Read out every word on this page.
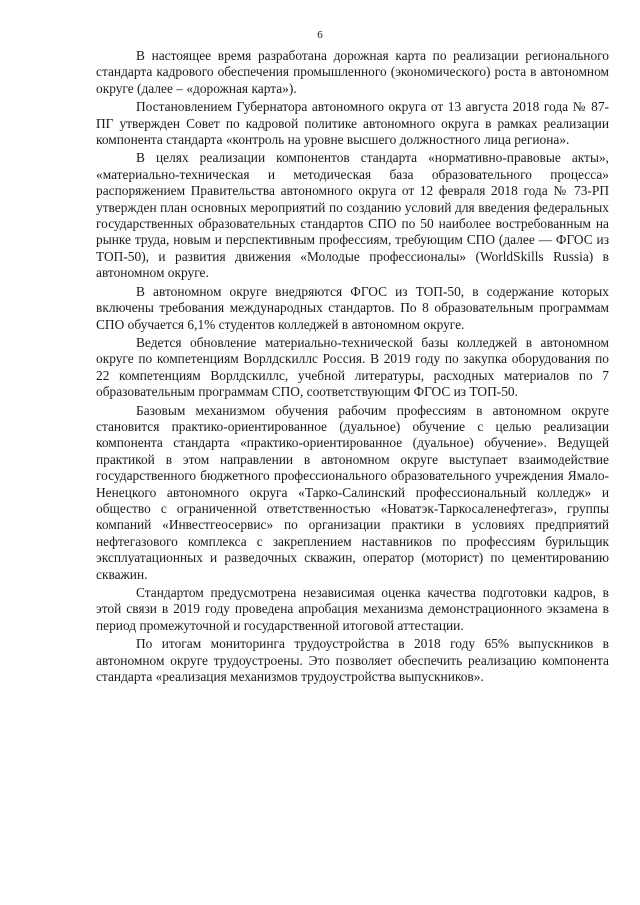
6

В настоящее время разработана дорожная карта по реализации регионального стандарта кадрового обеспечения промышленного (экономического) роста в автономном округе (далее – «дорожная карта»).

Постановлением Губернатора автономного округа от 13 августа 2018 года № 87-ПГ утвержден Совет по кадровой политике автономного округа в рамках реализации компонента стандарта «контроль на уровне высшего должностного лица региона».

В целях реализации компонентов стандарта «нормативно-правовые акты», «материально-техническая и методическая база образовательного процесса» распоряжением Правительства автономного округа от 12 февраля 2018 года № 73-РП утвержден план основных мероприятий по созданию условий для введения федеральных государственных образовательных стандартов СПО по 50 наиболее востребованным на рынке труда, новым и перспективным профессиям, требующим СПО (далее — ФГОС из ТОП-50), и развития движения «Молодые профессионалы» (WorldSkills Russia) в автономном округе.

В автономном округе внедряются ФГОС из ТОП-50, в содержание которых включены требования международных стандартов. По 8 образовательным программам СПО обучается 6,1% студентов колледжей в автономном округе.

Ведется обновление материально-технической базы колледжей в автономном округе по компетенциям Ворлдскиллс Россия. В 2019 году по закупка оборудования по 22 компетенциям Ворлдскиллс, учебной литературы, расходных материалов по 7 образовательным программам СПО, соответствующим ФГОС из ТОП-50.

Базовым механизмом обучения рабочим профессиям в автономном округе становится практико-ориентированное (дуальное) обучение с целью реализации компонента стандарта «практико-ориентированное (дуальное) обучение». Ведущей практикой в этом направлении в автономном округе выступает взаимодействие государственного бюджетного профессионального образовательного учреждения Ямало-Ненецкого автономного округа «Тарко-Салинский профессиональный колледж» и общество с ограниченной ответственностью «Новатэк-Таркосаленефтегаз», группы компаний «Инвестгеосервис» по организации практики в условиях предприятий нефтегазового комплекса с закреплением наставников по профессиям бурильщик эксплуатационных и разведочных скважин, оператор (моторист) по цементированию скважин.

Стандартом предусмотрена независимая оценка качества подготовки кадров, в этой связи в 2019 году проведена апробация механизма демонстрационного экзамена в период промежуточной и государственной итоговой аттестации.

По итогам мониторинга трудоустройства в 2018 году 65% выпускников в автономном округе трудоустроены. Это позволяет обеспечить реализацию компонента стандарта «реализация механизмов трудоустройства выпускников».
